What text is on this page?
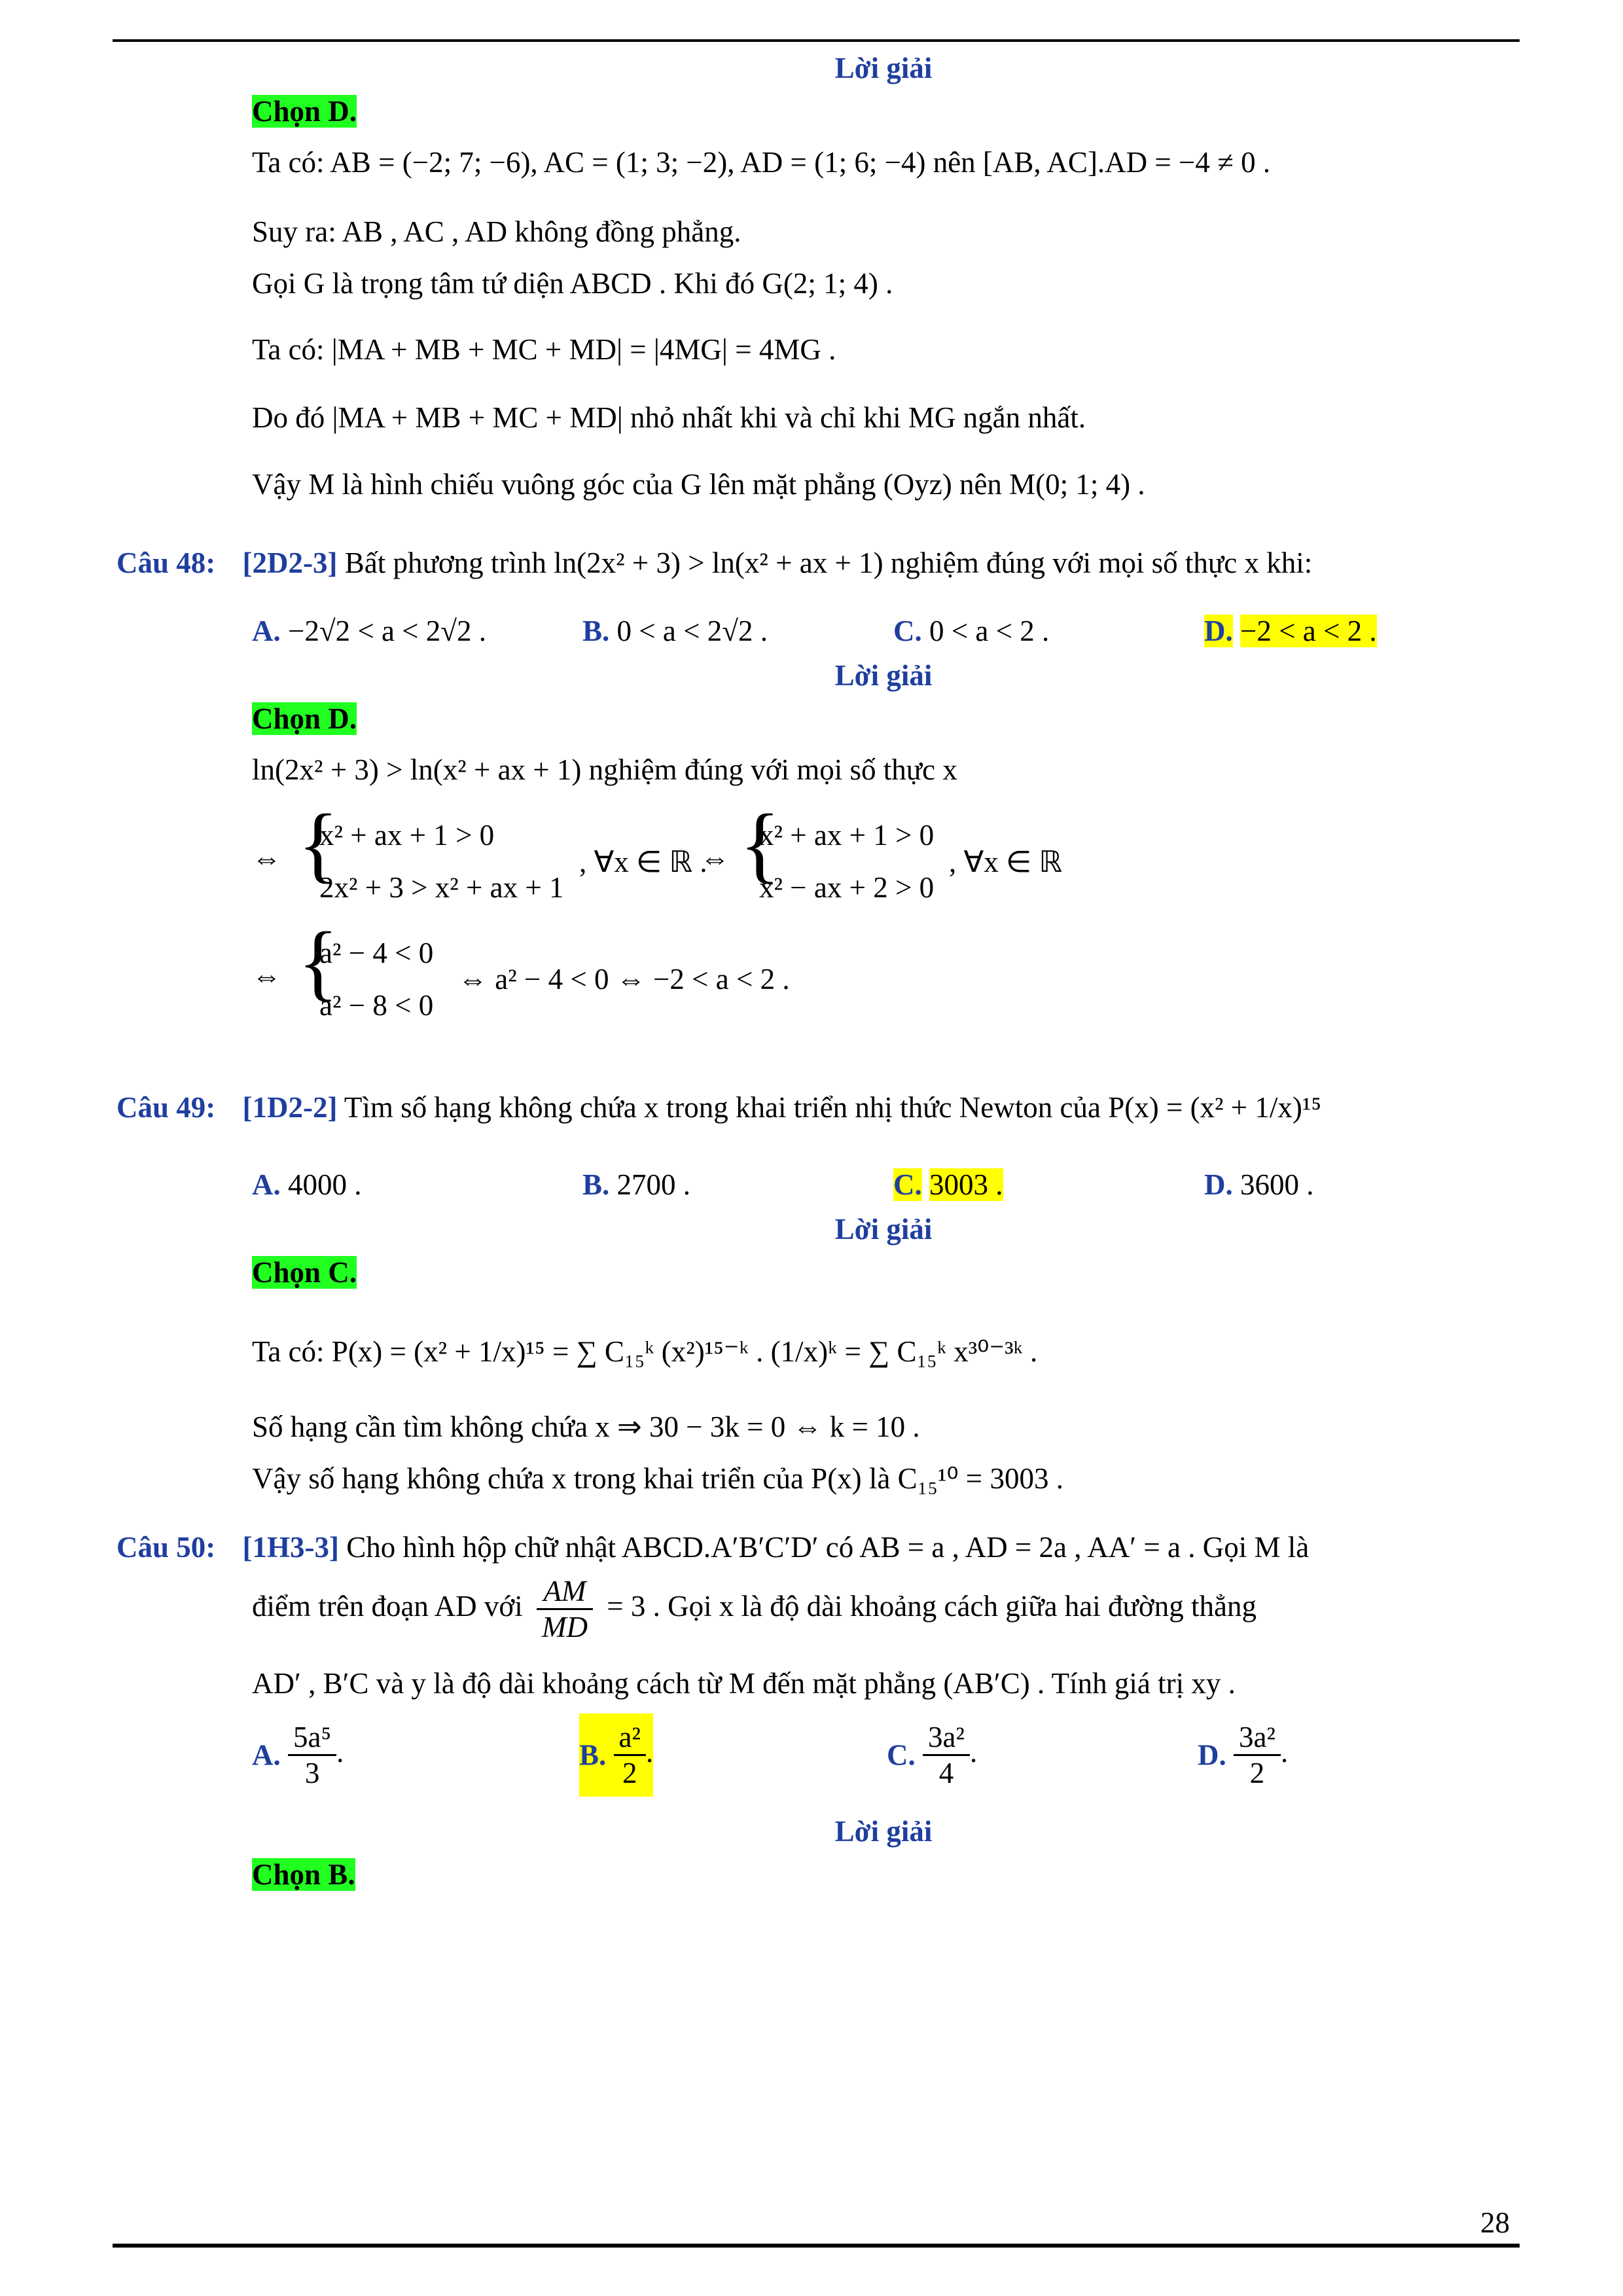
Lời giải
Chọn D.
Ta có: AB = (−2; 7; −6), AC = (1; 3; −2), AD = (1; 6; −4) nên [AB, AC].AD = −4 ≠ 0 .
Suy ra: AB , AC , AD không đồng phẳng.
Gọi G là trọng tâm tứ diện ABCD . Khi đó G(2; 1; 4) .
Ta có: |MA + MB + MC + MD| = |4MG| = 4MG .
Do đó |MA + MB + MC + MD| nhỏ nhất khi và chỉ khi MG ngắn nhất.
Vậy M là hình chiếu vuông góc của G lên mặt phẳng (Oyz) nên M(0; 1; 4) .
Câu 48: [2D2-3] Bất phương trình ln(2x² + 3) > ln(x² + ax + 1) nghiệm đúng với mọi số thực x khi:
A. −2√2 < a < 2√2 .	B. 0 < a < 2√2 .	C. 0 < a < 2 .	D. −2 < a < 2 .
Lời giải
Chọn D.
ln(2x² + 3) > ln(x² + ax + 1) nghiệm đúng với mọi số thực x
⇔ {
x² + ax + 1 > 0
2x² + 3 > x² + ax + 1
, ∀x ∈ ℝ .
⇔ {
x² + ax + 1 > 0
x² − ax + 2 > 0
, ∀x ∈ ℝ
⇔ {
a² − 4 < 0
a² − 8 < 0
⇔ a² − 4 < 0 ⇔ −2 < a < 2 .
Câu 49: [1D2-2] Tìm số hạng không chứa x trong khai triển nhị thức Newton của P(x) = (x² + 1/x)¹⁵
A. 4000 .	B. 2700 .	C. 3003 .	D. 3600 .
Lời giải
Chọn C.
Ta có: P(x) = (x² + 1/x)¹⁵ = ∑ C₁₅ᵏ (x²)¹⁵⁻ᵏ . (1/x)ᵏ = ∑ C₁₅ᵏ x³⁰⁻³ᵏ .
Số hạng cần tìm không chứa x ⇒ 30 − 3k = 0 ⇔ k = 10 .
Vậy số hạng không chứa x trong khai triển của P(x) là C₁₅¹⁰ = 3003 .
Câu 50: [1H3-3] Cho hình hộp chữ nhật ABCD.A′B′C′D′ có AB = a , AD = 2a , AA′ = a . Gọi M là
điểm trên đoạn AD với $\frac{AM}{MD} = 3$ . Gọi x là độ dài khoảng cách giữa hai đường thẳng
AD′ , B′C và y là độ dài khoảng cách từ M đến mặt phẳng (AB′C) . Tính giá trị xy .
A. $\frac{\text{5a⁵}}{3}$ .	B. $\frac{\text{a²}}{2}$ .	C. $\frac{\text{3a²}}{4}$ .	D. $\frac{\text{3a²}}{2}$ .
Lời giải
Chọn B.
28
